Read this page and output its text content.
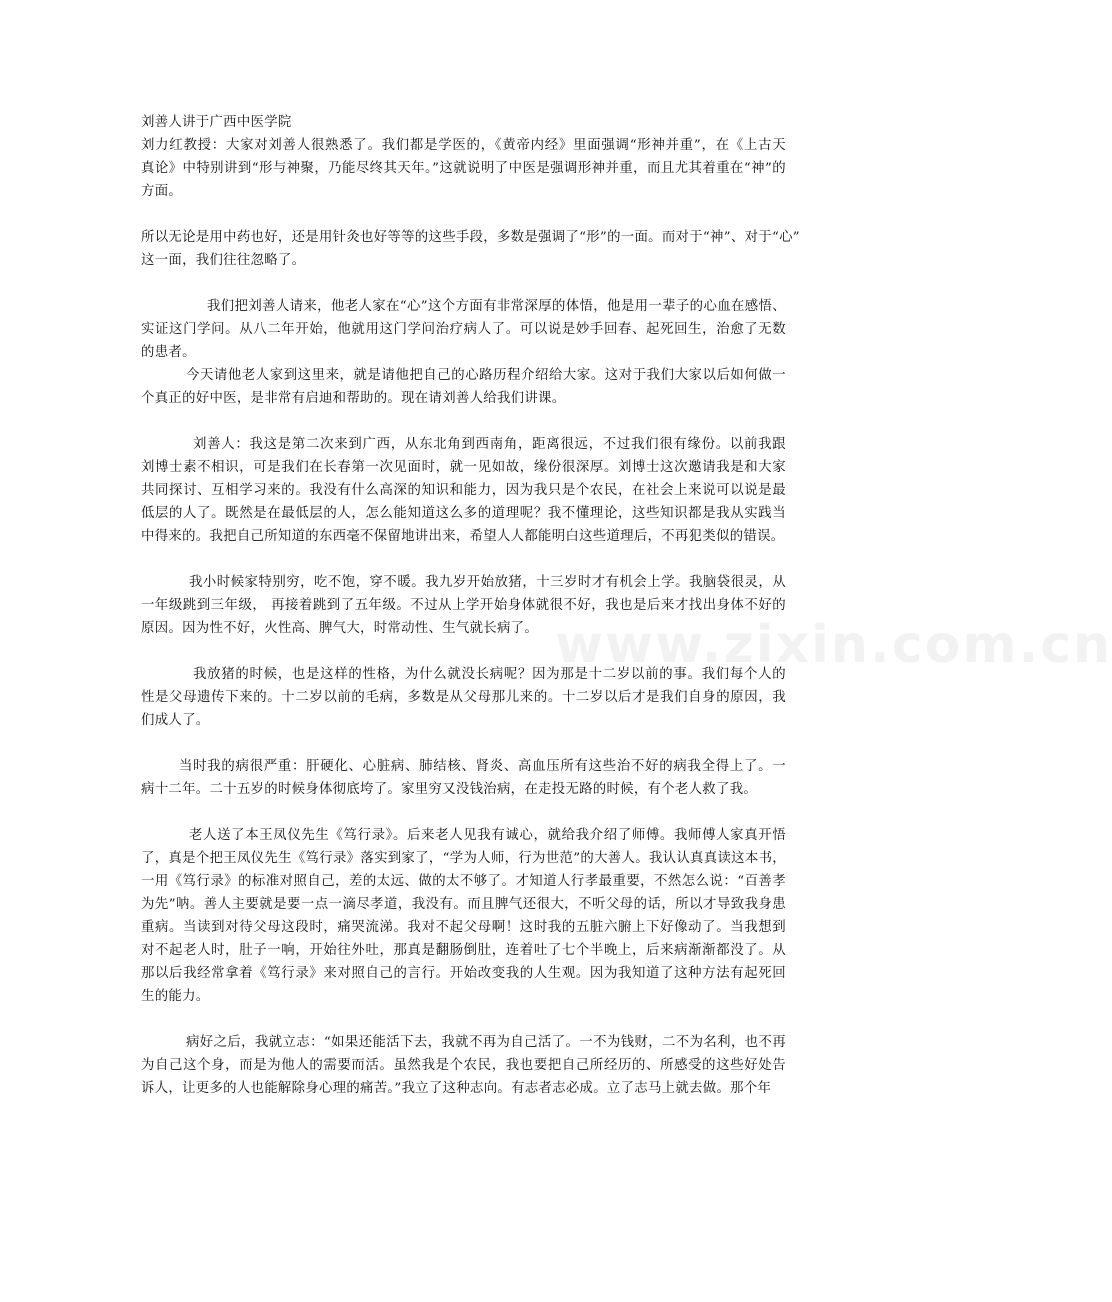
刘善人讲于广西中医学院
刘力红教授：大家对刘善人很熟悉了。我们都是学医的，《黄帝内经》里面强调“形神并重”，在《上古天
真论》中特别讲到“形与神聚，乃能尽终其天年。”这就说明了中医是强调形神并重，而且尤其着重在“神”的
方面。
所以无论是用中药也好，还是用针灸也好等等的这些手段，多数是强调了“形”的一面。而对于“神”、对于“心”
这一面，我们往往忽略了。
我们把刘善人请来，他老人家在“心”这个方面有非常深厚的体悟，他是用一辈子的心血在感悟、
实证这门学问。从八二年开始，他就用这门学问治疗病人了。可以说是妙手回春、起死回生，治愈了无数
的患者。
今天请他老人家到这里来，就是请他把自己的心路历程介绍给大家。这对于我们大家以后如何做一
个真正的好中医，是非常有启迪和帮助的。现在请刘善人给我们讲课。
刘善人：我这是第二次来到广西，从东北角到西南角，距离很远，不过我们很有缘份。以前我跟
刘博士素不相识，可是我们在长春第一次见面时，就一见如故，缘份很深厚。刘博士这次邀请我是和大家
共同探讨、互相学习来的。我没有什么高深的知识和能力，因为我只是个农民，在社会上来说可以说是最
低层的人了。既然是在最低层的人，怎么能知道这么多的道理呢？我不懂理论，这些知识都是我从实践当
中得来的。我把自己所知道的东西毫不保留地讲出来，希望人人都能明白这些道理后，不再犯类似的错误。
我小时候家特别穷，吃不饱，穿不暖。我九岁开始放猪，十三岁时才有机会上学。我脑袋很灵，从
一年级跳到三年级， 再接着跳到了五年级。不过从上学开始身体就很不好，我也是后来才找出身体不好的
原因。因为性不好，火性高、脾气大，时常动性、生气就长病了。
我放猪的时候，也是这样的性格，为什么就没长病呢？因为那是十二岁以前的事。我们每个人的
性是父母遗传下来的。十二岁以前的毛病，多数是从父母那儿来的。十二岁以后才是我们自身的原因，我
们成人了。
当时我的病很严重：肝硬化、心脏病、肺结核、肾炎、高血压所有这些治不好的病我全得上了。一
病十二年。二十五岁的时候身体彻底垮了。家里穷又没钱治病，在走投无路的时候，有个老人救了我。
老人送了本王凤仪先生《笃行录》。后来老人见我有诚心，就给我介绍了师傅。我师傅人家真开悟
了，真是个把王凤仪先生《笃行录》落实到家了，“学为人师，行为世范”的大善人。我认认真真读这本书，
一用《笃行录》的标准对照自己，差的太远、做的太不够了。才知道人行孝最重要，不然怎么说：“百善孝
为先”呐。善人主要就是要一点一滴尽孝道，我没有。而且脾气还很大，不听父母的话，所以才导致我身患
重病。当读到对待父母这段时，痛哭流涕。我对不起父母啊！这时我的五脏六腑上下好像动了。当我想到
对不起老人时，肚子一响，开始往外吐，那真是翻肠倒肚，连着吐了七个半晚上，后来病渐渐都没了。从
那以后我经常拿着《笃行录》来对照自己的言行。开始改变我的人生观。因为我知道了这种方法有起死回
生的能力。
病好之后，我就立志：“如果还能活下去，我就不再为自己活了。一不为钱财，二不为名利，也不再
为自己这个身，而是为他人的需要而活。虽然我是个农民，我也要把自己所经历的、所感受的这些好处告
诉人，让更多的人也能解除身心理的痛苦。”我立了这种志向。有志者志必成。立了志马上就去做。那个年
www.zixin.com.cn
